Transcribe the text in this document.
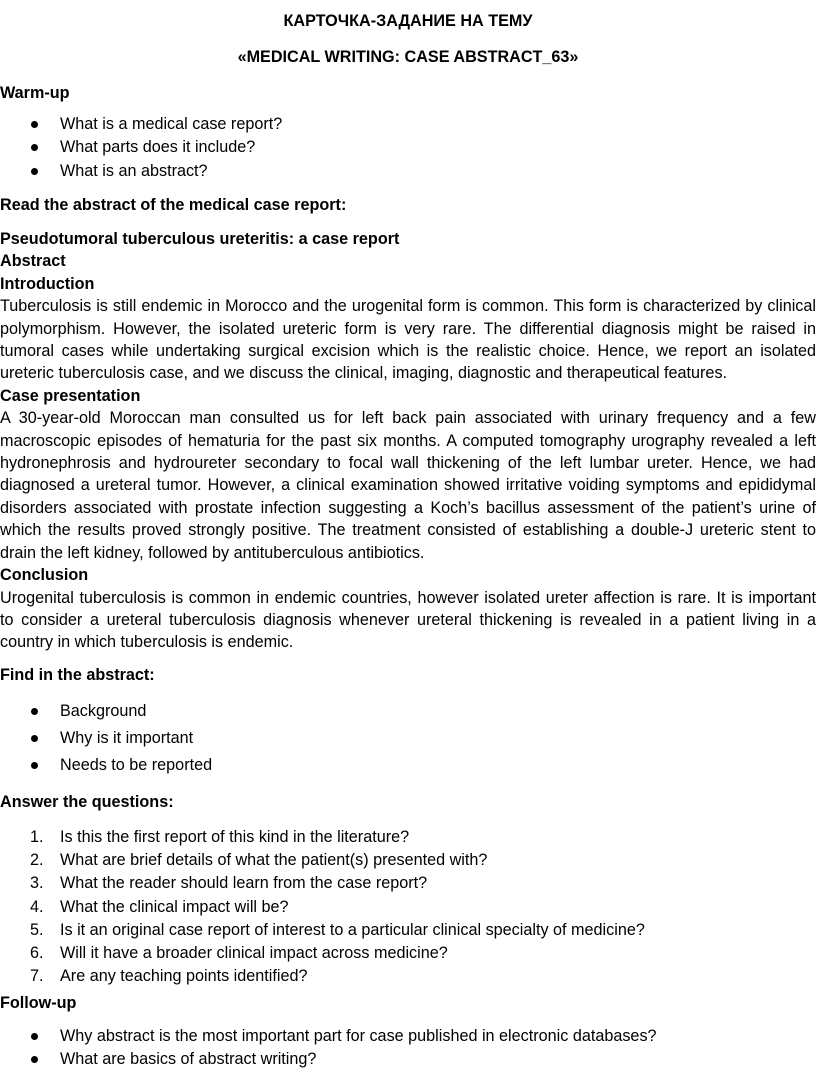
КАРТОЧКА-ЗАДАНИЕ НА ТЕМУ

«MEDICAL WRITING: CASE ABSTRACT_63»

Warm-up

What is a medical case report?
What parts does it include?
What is an abstract?

Read the abstract of the medical case report:

Pseudotumoral tuberculous ureteritis: a case report

Abstract

Introduction

Tuberculosis is still endemic in Morocco and the urogenital form is common. This form is characterized by clinical polymorphism. However, the isolated ureteric form is very rare. The differential diagnosis might be raised in tumoral cases while undertaking surgical excision which is the realistic choice. Hence, we report an isolated ureteric tuberculosis case, and we discuss the clinical, imaging, diagnostic and therapeutical features.

Case presentation

A 30-year-old Moroccan man consulted us for left back pain associated with urinary frequency and a few macroscopic episodes of hematuria for the past six months. A computed tomography urography revealed a left hydronephrosis and hydroureter secondary to focal wall thickening of the left lumbar ureter. Hence, we had diagnosed a ureteral tumor. However, a clinical examination showed irritative voiding symptoms and epididymal disorders associated with prostate infection suggesting a Koch’s bacillus assessment of the patient’s urine of which the results proved strongly positive. The treatment consisted of establishing a double-J ureteric stent to drain the left kidney, followed by antituberculous antibiotics.

Conclusion

Urogenital tuberculosis is common in endemic countries, however isolated ureter affection is rare. It is important to consider a ureteral tuberculosis diagnosis whenever ureteral thickening is revealed in a patient living in a country in which tuberculosis is endemic.

Find in the abstract:

Background
Why is it important
Needs to be reported

Answer the questions:

1. Is this the first report of this kind in the literature?
2. What are brief details of what the patient(s) presented with?
3. What the reader should learn from the case report?
4. What the clinical impact will be?
5. Is it an original case report of interest to a particular clinical specialty of medicine?
6. Will it have a broader clinical impact across medicine?
7. Are any teaching points identified?

Follow-up

Why abstract is the most important part for case published in electronic databases?
What are basics of abstract writing?
